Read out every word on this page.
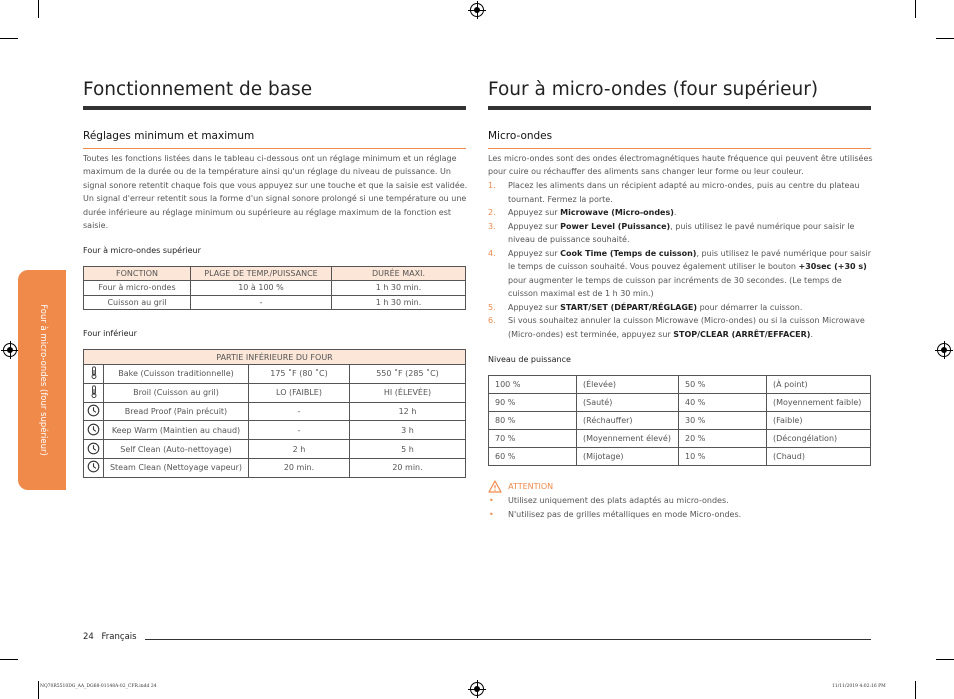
Four à micro-ondes (four supérieur)
Fonctionnement de base
Réglages minimum et maximum
Toutes les fonctions listées dans le tableau ci-dessous ont un réglage minimum et un réglage maximum de la durée ou de la température ainsi qu'un réglage du niveau de puissance. Un signal sonore retentit chaque fois que vous appuyez sur une touche et que la saisie est validée. Un signal d'erreur retentit sous la forme d'un signal sonore prolongé si une température ou une durée inférieure au réglage minimum ou supérieure au réglage maximum de la fonction est saisie.
Four à micro-ondes supérieur
FONCTION	PLAGE DE TEMP./PUISSANCE	DURÉE MAXI.
Four à micro-ondes	10 à 100 %	1 h 30 min.
Cuisson au gril	-	1 h 30 min.
Four inférieur
PARTIE INFÉRIEURE DU FOUR			
	Bake (Cuisson traditionnelle)	175 ˚F (80 ˚C)	550 ˚F (285 ˚C)
	Broil (Cuisson au gril)	LO (FAIBLE)	HI (ÉLEVÉE)
	Bread Proof (Pain précuit)	-	12 h
	Keep Warm (Maintien au chaud)	-	3 h
	Self Clean (Auto-nettoyage)	2 h	5 h
	Steam Clean (Nettoyage vapeur)	20 min.	20 min.
Four à micro-ondes (four supérieur)
Micro-ondes
Les micro-ondes sont des ondes électromagnétiques haute fréquence qui peuvent être utilisées pour cuire ou réchauffer des aliments sans changer leur forme ou leur couleur.
1. Placez les aliments dans un récipient adapté au micro-ondes, puis au centre du plateau tournant. Fermez la porte.
2. Appuyez sur Microwave (Micro-ondes).
3. Appuyez sur Power Level (Puissance), puis utilisez le pavé numérique pour saisir le niveau de puissance souhaité.
4. Appuyez sur Cook Time (Temps de cuisson), puis utilisez le pavé numérique pour saisir le temps de cuisson souhaité. Vous pouvez également utiliser le bouton +30sec (+30 s) pour augmenter le temps de cuisson par incréments de 30 secondes. (Le temps de cuisson maximal est de 1 h 30 min.)
5. Appuyez sur START/SET (DÉPART/RÉGLAGE) pour démarrer la cuisson.
6. Si vous souhaitez annuler la cuisson Microwave (Micro-ondes) ou si la cuisson Microwave (Micro-ondes) est terminée, appuyez sur STOP/CLEAR (ARRÊT/EFFACER).
Niveau de puissance
100 %	(Élevée)	50 %	(À point)
90 %	(Sauté)	40 %	(Moyennement faible)
80 %	(Réchauffer)	30 %	(Faible)
70 %	(Moyennement élevé)	20 %	(Décongélation)
60 %	(Mijotage)	10 %	(Chaud)
ATTENTION
• Utilisez uniquement des plats adaptés au micro-ondes.
• N'utilisez pas de grilles métalliques en mode Micro-ondes.
24 Français
NQ70R5510DG_AA_DG68-01148A-02_CFR.indd 24	11/11/2019 4:02:16 PM
